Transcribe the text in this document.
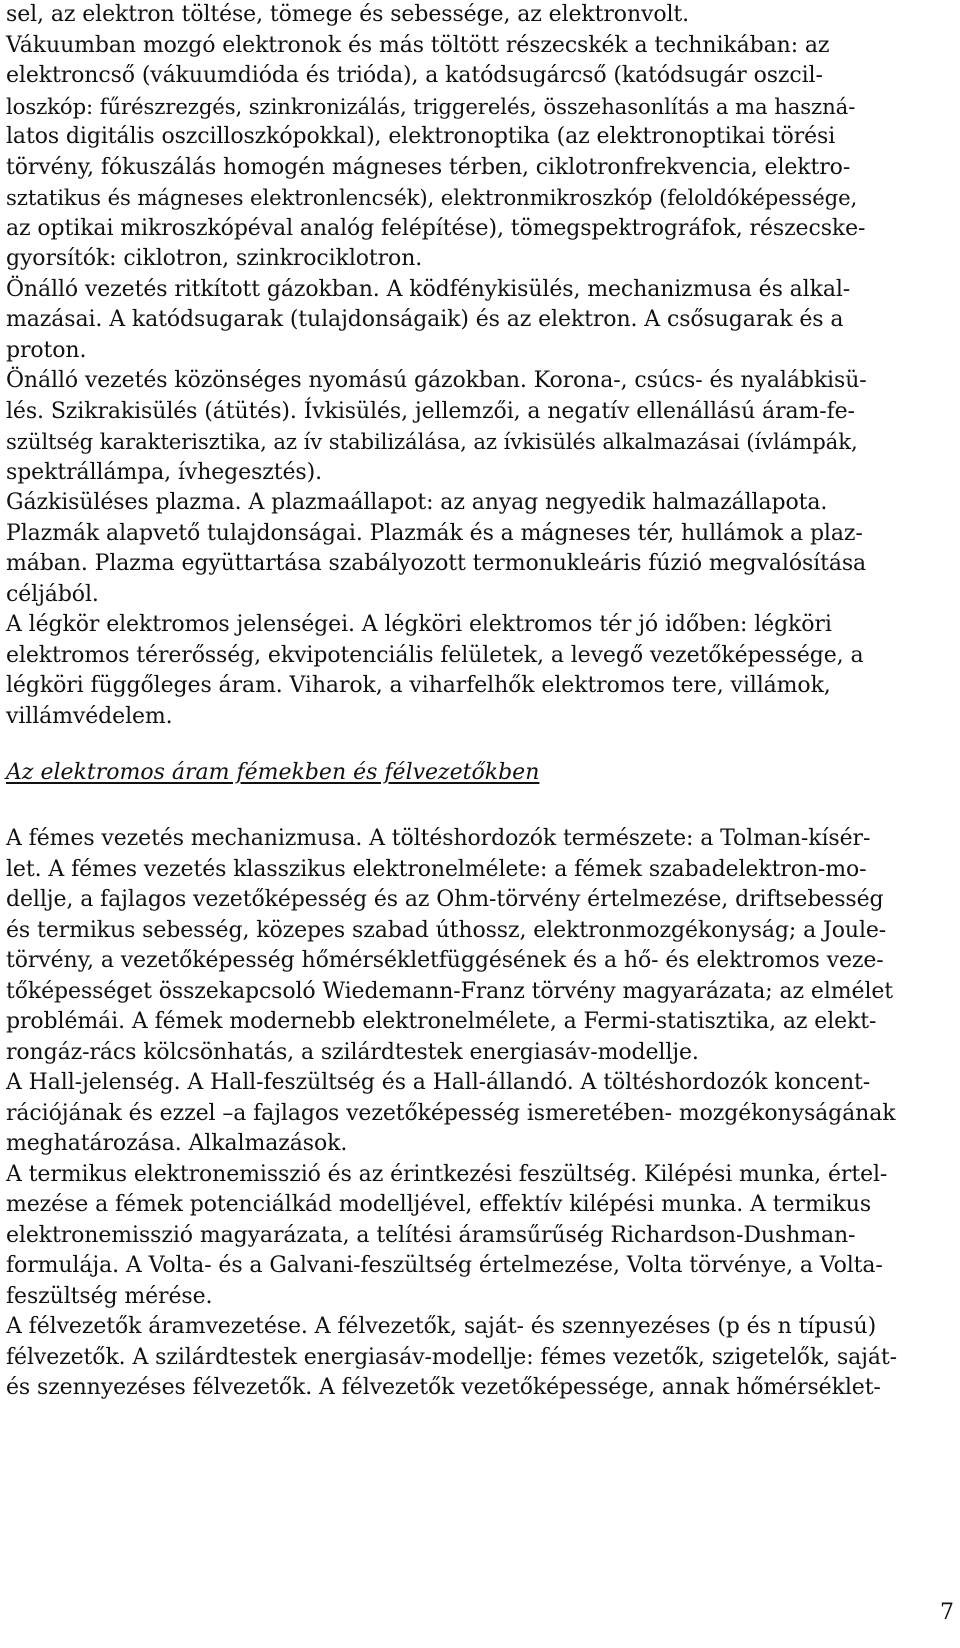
sel, az elektron töltése, tömege és sebessége, az elektronvolt.
Vákuumban mozgó elektronok és más töltött részecskék a technikában: az
elektroncső (vákuumdióda és trióda), a katódsugárcső (katódsugár oszcil-
loszkóp: fűrészrezgés, szinkronizálás, triggerelés, összehasonlítás a ma haszná-
latos digitális oszcilloszkópokkal), elektronoptika (az elektronoptikai törési
törvény, fókuszálás homogén mágneses térben, ciklotronfrekvencia, elektro-
sztatikus és mágneses elektronlencsék), elektronmikroszkóp (feloldóképessége,
az optikai mikroszkópéval analóg felépítése), tömegspektrográfok, részecske-
gyorsítók: ciklotron, szinkrociklotron.
Önálló vezetés ritkított gázokban. A ködfénykisülés, mechanizmusa és alkal-
mazásai. A katódsugarak (tulajdonságaik) és az elektron. A csősugarak és a
proton.
Önálló vezetés közönséges nyomású gázokban. Korona-, csúcs- és nyalábkisü-
lés. Szikrakisülés (átütés). Ívkisülés, jellemzői, a negatív ellenállású áram-fe-
szültség karakterisztika, az ív stabilizálása, az ívkisülés alkalmazásai (ívlámpák,
spektrállámpa, ívhegesztés).
Gázkisüléses plazma. A plazmaállapot: az anyag negyedik halmazállapota.
Plazmák alapvető tulajdonságai. Plazmák és a mágneses tér, hullámok a plaz-
mában. Plazma együttartása szabályozott termonukleáris fúzió megvalósítása
céljából.
A légkör elektromos jelenségei. A légköri elektromos tér jó időben: légköri
elektromos térerősség, ekvipotenciális felületek, a levegő vezetőképessége, a
légköri függőleges áram. Viharok, a viharfelhők elektromos tere, villámok,
villámvédelem.
Az elektromos áram fémekben és félvezetőkben
A fémes vezetés mechanizmusa. A töltéshordozók természete: a Tolman-kísér-
let. A fémes vezetés klasszikus elektronelmélete: a fémek szabadelektron-mo-
dellje, a fajlagos vezetőképesség és az Ohm-törvény értelmezése, driftsebesség
és termikus sebesség, közepes szabad úthossz, elektronmozgékonyság; a Joule-
törvény, a vezetőképesség hőmérsékletfüggésének és a hő- és elektromos veze-
tőképességet összekapcsoló Wiedemann-Franz törvény magyarázata; az elmélet
problémái. A fémek modernebb elektronelmélete, a Fermi-statisztika, az elekt-
rongáz-rács kölcsönhatás, a szilárdtestek energiasáv-modellje.
A Hall-jelenség. A Hall-feszültség és a Hall-állandó. A töltéshordozók koncent-
rációjának és ezzel –a fajlagos vezetőképesség ismeretében- mozgékonyságának
meghatározása. Alkalmazások.
A termikus elektronemisszió és az érintkezési feszültség. Kilépési munka, értel-
mezése a fémek potenciálkád modelljével, effektív kilépési munka. A termikus
elektronemisszió magyarázata, a telítési áramsűrűség Richardson-Dushman-
formulája. A Volta- és a Galvani-feszültség értelmezése, Volta törvénye, a Volta-
feszültség mérése.
A félvezetők áramvezetése. A félvezetők, saját- és szennyezéses (p és n típusú)
félvezetők. A szilárdtestek energiasáv-modellje: fémes vezetők, szigetelők, saját-
és szennyezéses félvezetők. A félvezetők vezetőképessége, annak hőmérséklet-
7
